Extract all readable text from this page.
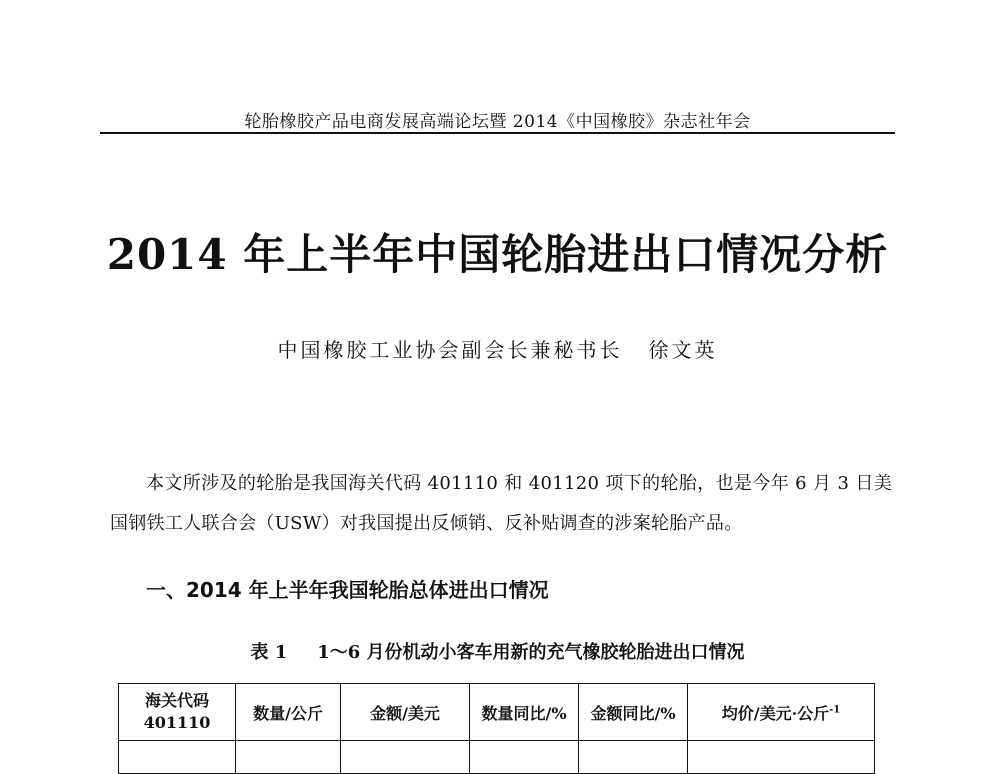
轮胎橡胶产品电商发展高端论坛暨 2014《中国橡胶》杂志社年会
2014 年上半年中国轮胎进出口情况分析
中国橡胶工业协会副会长兼秘书长 徐文英

本文所涉及的轮胎是我国海关代码 401110 和 401120 项下的轮胎，也是今年 6 月 3 日美国钢铁工人联合会（USW）对我国提出反倾销、反补贴调查的涉案轮胎产品。

一、2014 年上半年我国轮胎总体进出口情况
表 1 1～6 月份机动小客车用新的充气橡胶轮胎进出口情况
海关代码
401110	数量/公斤	金额/美元	数量同比/%	金额同比/%	均价/美元·公斤$^{-1}$
